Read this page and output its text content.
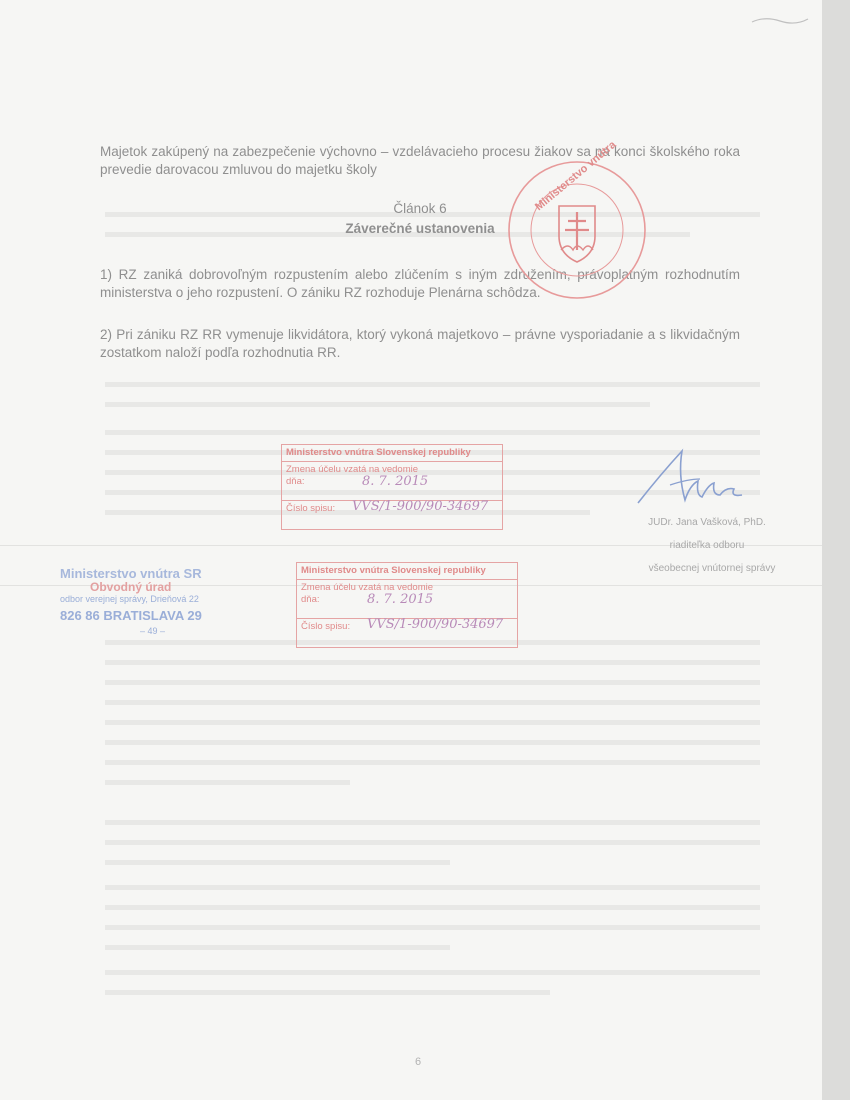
Majetok zakúpený na zabezpečenie výchovno – vzdelávacieho procesu žiakov sa na konci školského roka prevedie darovacou zmluvou do majetku školy
Článok 6
Záverečné ustanovenia
1) RZ zaniká dobrovoľným rozpustením alebo zlúčením s iným združením, právoplatným rozhodnutím ministerstva o jeho rozpustení. O zániku RZ rozhoduje Plenárna schôdza.
2) Pri zániku RZ RR vymenuje likvidátora, ktorý vykoná majetkovo – právne vysporiadanie a s likvidačným zostatkom naloží podľa rozhodnutia RR.
Ministerstvo vnútra
Ministerstvo vnútra Slovenskej republiky
Zmena účelu vzatá na vedomie
dňa:	8. 7. 2015
Číslo spisu: VVS/1-900/90-34697
Ministerstvo vnútra Slovenskej republiky
Zmena účelu vzatá na vedomie
dňa:	8. 7. 2015
Číslo spisu: VVS/1-900/90-34697
Ministerstvo vnútra SR
Obvodný úrad
odbor verejnej správy, Drieňová 22
826 86 BRATISLAVA 29
– 49 –
JUDr. Jana Vašková, PhD.
riaditeľka odboru
všeobecnej vnútornej správy
6
